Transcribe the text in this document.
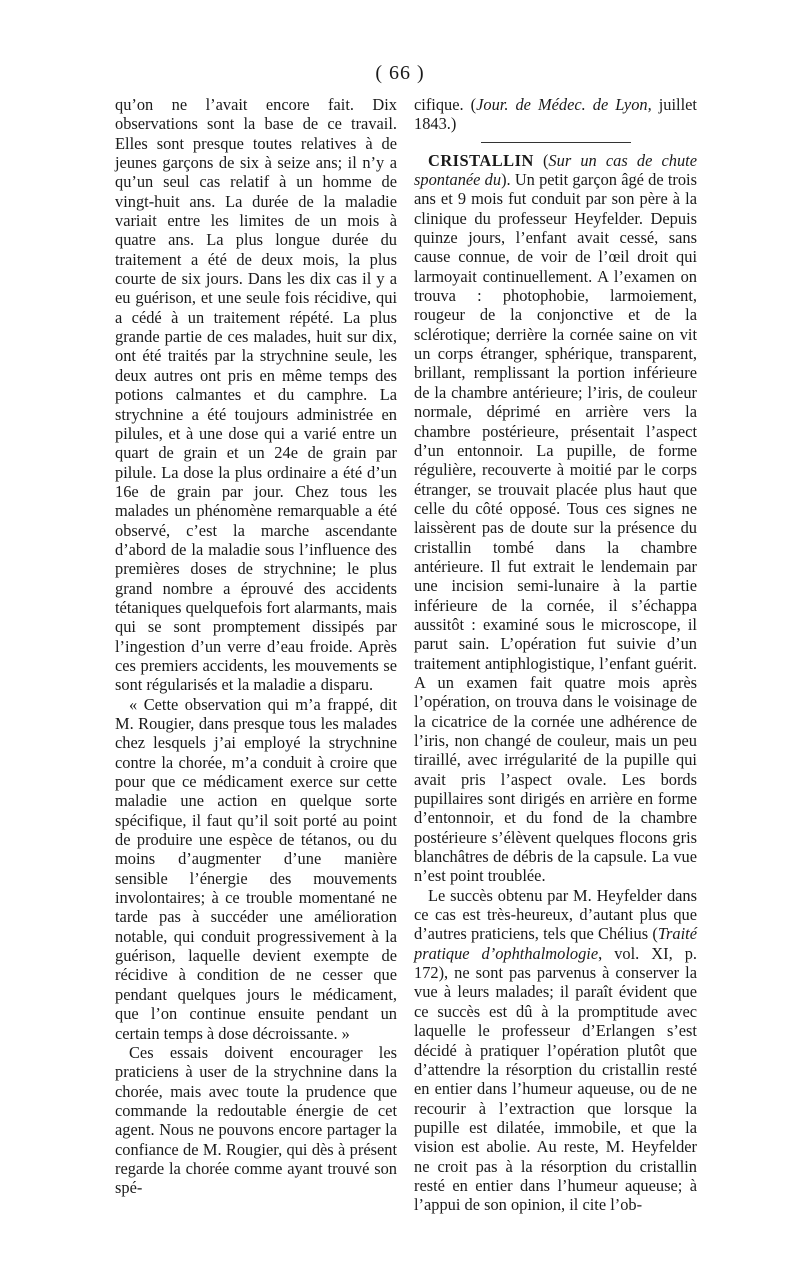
( 66 )

qu’on ne l’avait encore fait. Dix observations sont la base de ce travail. Elles sont presque toutes relatives à de jeunes garçons de six à seize ans; il n’y a qu’un seul cas relatif à un homme de vingt-huit ans. La durée de la maladie variait entre les limites de un mois à quatre ans. La plus longue durée du traitement a été de deux mois, la plus courte de six jours. Dans les dix cas il y a eu guérison, et une seule fois récidive, qui a cédé à un traitement répété. La plus grande partie de ces malades, huit sur dix, ont été traités par la strychnine seule, les deux autres ont pris en même temps des potions calmantes et du camphre. La strychnine a été toujours administrée en pilules, et à une dose qui a varié entre un quart de grain et un 24e de grain par pilule. La dose la plus ordinaire a été d’un 16e de grain par jour. Chez tous les malades un phénomène remarquable a été observé, c’est la marche ascendante d’abord de la maladie sous l’influence des premières doses de strychnine; le plus grand nombre a éprouvé des accidents tétaniques quelquefois fort alarmants, mais qui se sont promptement dissipés par l’ingestion d’un verre d’eau froide. Après ces premiers accidents, les mouvements se sont régularisés et la maladie a disparu.

« Cette observation qui m’a frappé, dit M. Rougier, dans presque tous les malades chez lesquels j’ai employé la strychnine contre la chorée, m’a conduit à croire que pour que ce médicament exerce sur cette maladie une action en quelque sorte spécifique, il faut qu’il soit porté au point de produire une espèce de tétanos, ou du moins d’augmenter d’une manière sensible l’énergie des mouvements involontaires; à ce trouble momentané ne tarde pas à succéder une amélioration notable, qui conduit progressivement à la guérison, laquelle devient exempte de récidive à condition de ne cesser que pendant quelques jours le médicament, que l’on continue ensuite pendant un certain temps à dose décroissante. »

Ces essais doivent encourager les praticiens à user de la strychnine dans la chorée, mais avec toute la prudence que commande la redoutable énergie de cet agent. Nous ne pouvons encore partager la confiance de M. Rougier, qui dès à présent regarde la chorée comme ayant trouvé son spé-

cifique. (Jour. de Médec. de Lyon, juillet 1843.)

CRISTALLIN (Sur un cas de chute spontanée du). Un petit garçon âgé de trois ans et 9 mois fut conduit par son père à la clinique du professeur Heyfelder. Depuis quinze jours, l’enfant avait cessé, sans cause connue, de voir de l’œil droit qui larmoyait continuellement. A l’examen on trouva : photophobie, larmoiement, rougeur de la conjonctive et de la sclérotique; derrière la cornée saine on vit un corps étranger, sphérique, transparent, brillant, remplissant la portion inférieure de la chambre antérieure; l’iris, de couleur normale, déprimé en arrière vers la chambre postérieure, présentait l’aspect d’un entonnoir. La pupille, de forme régulière, recouverte à moitié par le corps étranger, se trouvait placée plus haut que celle du côté opposé. Tous ces signes ne laissèrent pas de doute sur la présence du cristallin tombé dans la chambre antérieure. Il fut extrait le lendemain par une incision semi-lunaire à la partie inférieure de la cornée, il s’échappa aussitôt : examiné sous le microscope, il parut sain. L’opération fut suivie d’un traitement antiphlogistique, l’enfant guérit. A un examen fait quatre mois après l’opération, on trouva dans le voisinage de la cicatrice de la cornée une adhérence de l’iris, non changé de couleur, mais un peu tiraillé, avec irrégularité de la pupille qui avait pris l’aspect ovale. Les bords pupillaires sont dirigés en arrière en forme d’entonnoir, et du fond de la chambre postérieure s’élèvent quelques flocons gris blanchâtres de débris de la capsule. La vue n’est point troublée.

Le succès obtenu par M. Heyfelder dans ce cas est très-heureux, d’autant plus que d’autres praticiens, tels que Chélius (Traité pratique d’ophthalmologie, vol. XI, p. 172), ne sont pas parvenus à conserver la vue à leurs malades; il paraît évident que ce succès est dû à la promptitude avec laquelle le professeur d’Erlangen s’est décidé à pratiquer l’opération plutôt que d’attendre la résorption du cristallin resté en entier dans l’humeur aqueuse, ou de ne recourir à l’extraction que lorsque la pupille est dilatée, immobile, et que la vision est abolie. Au reste, M. Heyfelder ne croit pas à la résorption du cristallin resté en entier dans l’humeur aqueuse; à l’appui de son opinion, il cite l’ob-
